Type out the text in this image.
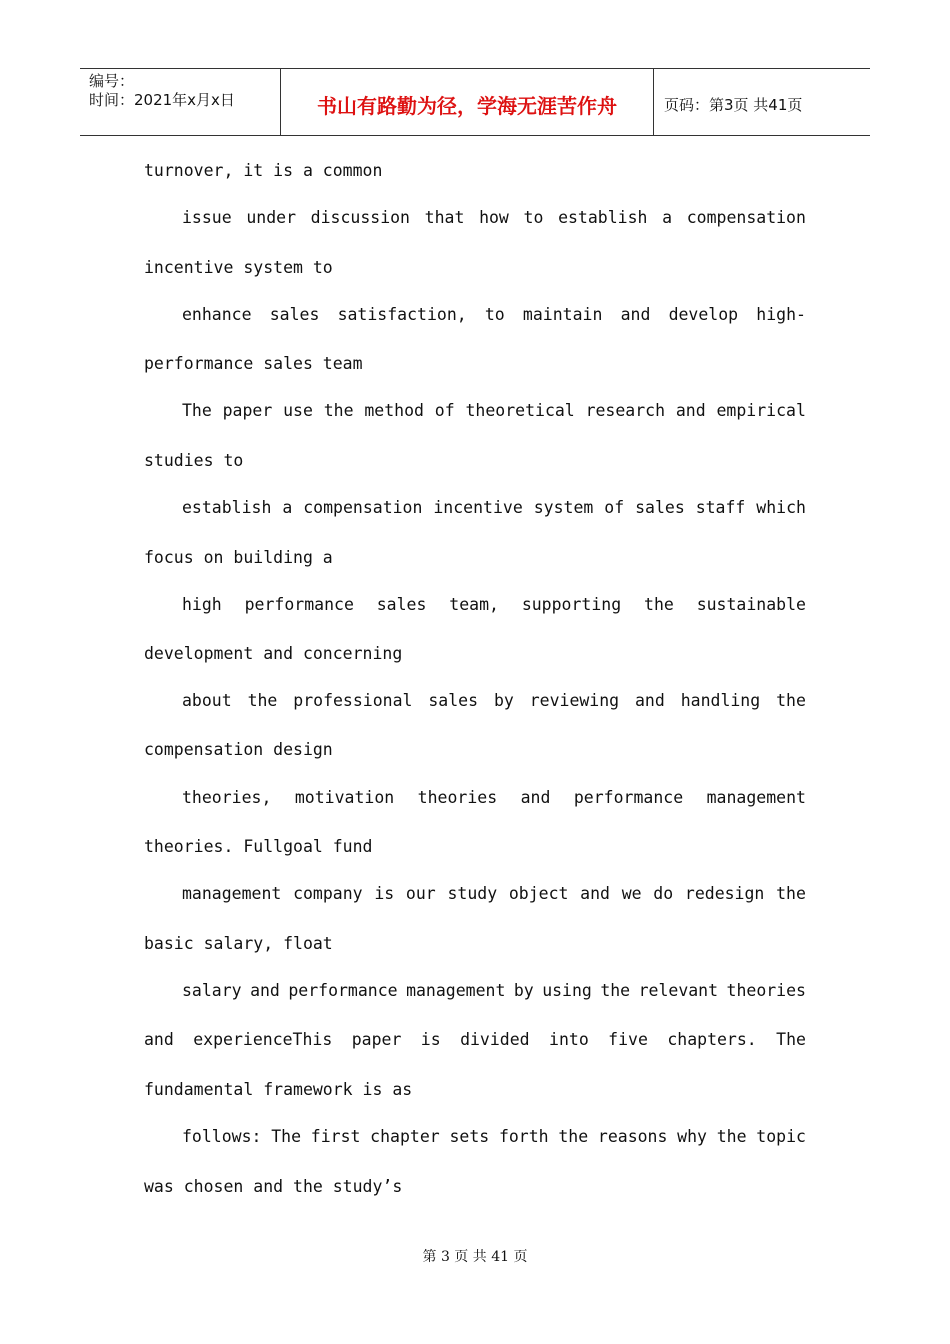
编号：
时间：2021年x月x日	书山有路勤为径，学海无涯苦作舟	页码：第3页 共41页
turnover, it is a common
issue under discussion that how to establish a compensation
incentive system to
enhance sales satisfaction, to maintain and develop high-
performance sales team
The paper use the method of theoretical research and empirical
studies to
establish a compensation incentive system of sales staff which
focus on building a
high performance sales team, supporting the sustainable
development and concerning
about the professional sales by reviewing and handling the
compensation design
theories, motivation theories and performance management
theories. Fullgoal fund
management company is our study object and we do redesign the
basic salary, float
salary and performance management by using the relevant theories
and experienceThis paper is divided into five chapters. The
fundamental framework is as
follows: The first chapter sets forth the reasons why the topic
was chosen and the study’s
第 3 页 共 41 页
